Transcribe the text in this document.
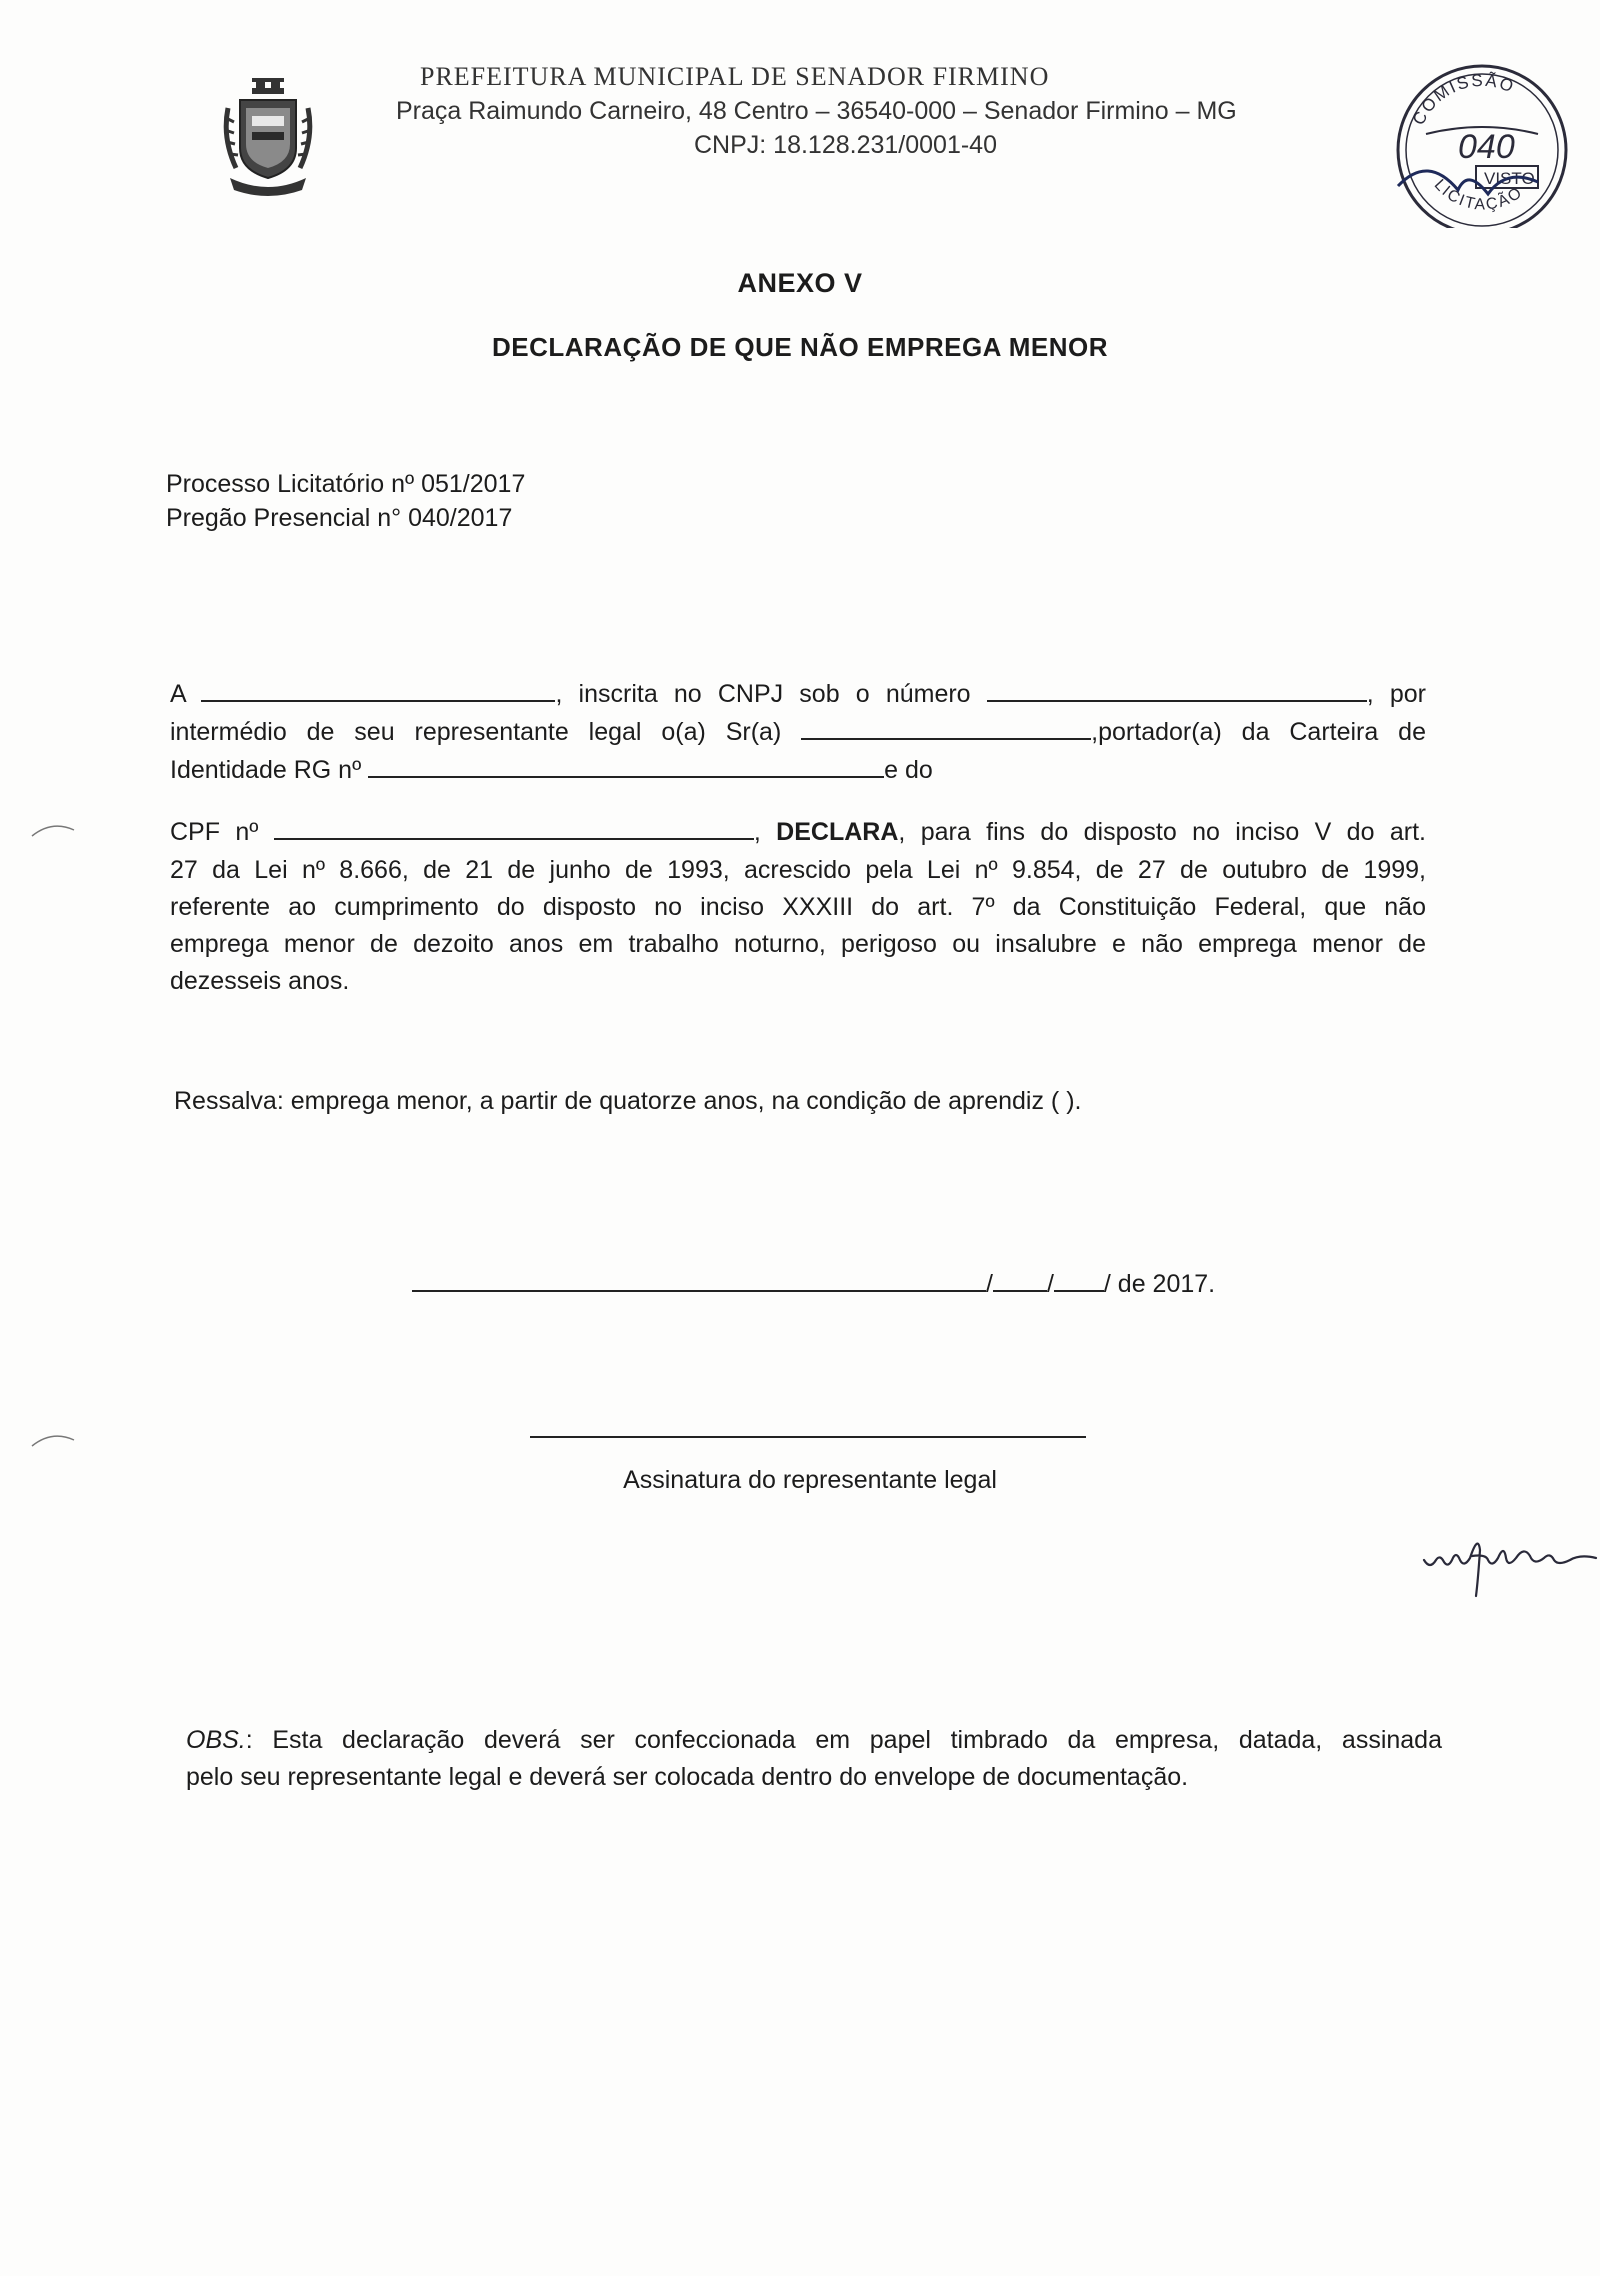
PREFEITURA MUNICIPAL DE SENADOR FIRMINO
Praça Raimundo Carneiro, 48 Centro – 36540-000 – Senador Firmino – MG
CNPJ: 18.128.231/0001-40
COMISSÃO
040
VISTO
LICITAÇÃO
ANEXO V
DECLARAÇÃO DE QUE NÃO EMPREGA MENOR
Processo Licitatório nº 051/2017
Pregão Presencial n° 040/2017
A	, inscrita no CNPJ sob o número	, por
intermédio de seu representante legal o(a) Sr(a)	,portador(a) da Carteira de
Identidade RG nº	e do
CPF nº	, DECLARA, para fins do disposto no inciso V do art.
27 da Lei nº 8.666, de 21 de junho de 1993, acrescido pela Lei nº 9.854, de 27 de outubro de 1999,
referente ao cumprimento do disposto no inciso XXXIII do art. 7º da Constituição Federal, que não
emprega menor de dezoito anos em trabalho noturno, perigoso ou insalubre e não emprega menor de
dezesseis anos.
Ressalva: emprega menor, a partir de quatorze anos, na condição de aprendiz ( ).
/ / / de 2017.
Assinatura do representante legal
OBS.: Esta declaração deverá ser confeccionada em papel timbrado da empresa, datada, assinada
pelo seu representante legal e deverá ser colocada dentro do envelope de documentação.
